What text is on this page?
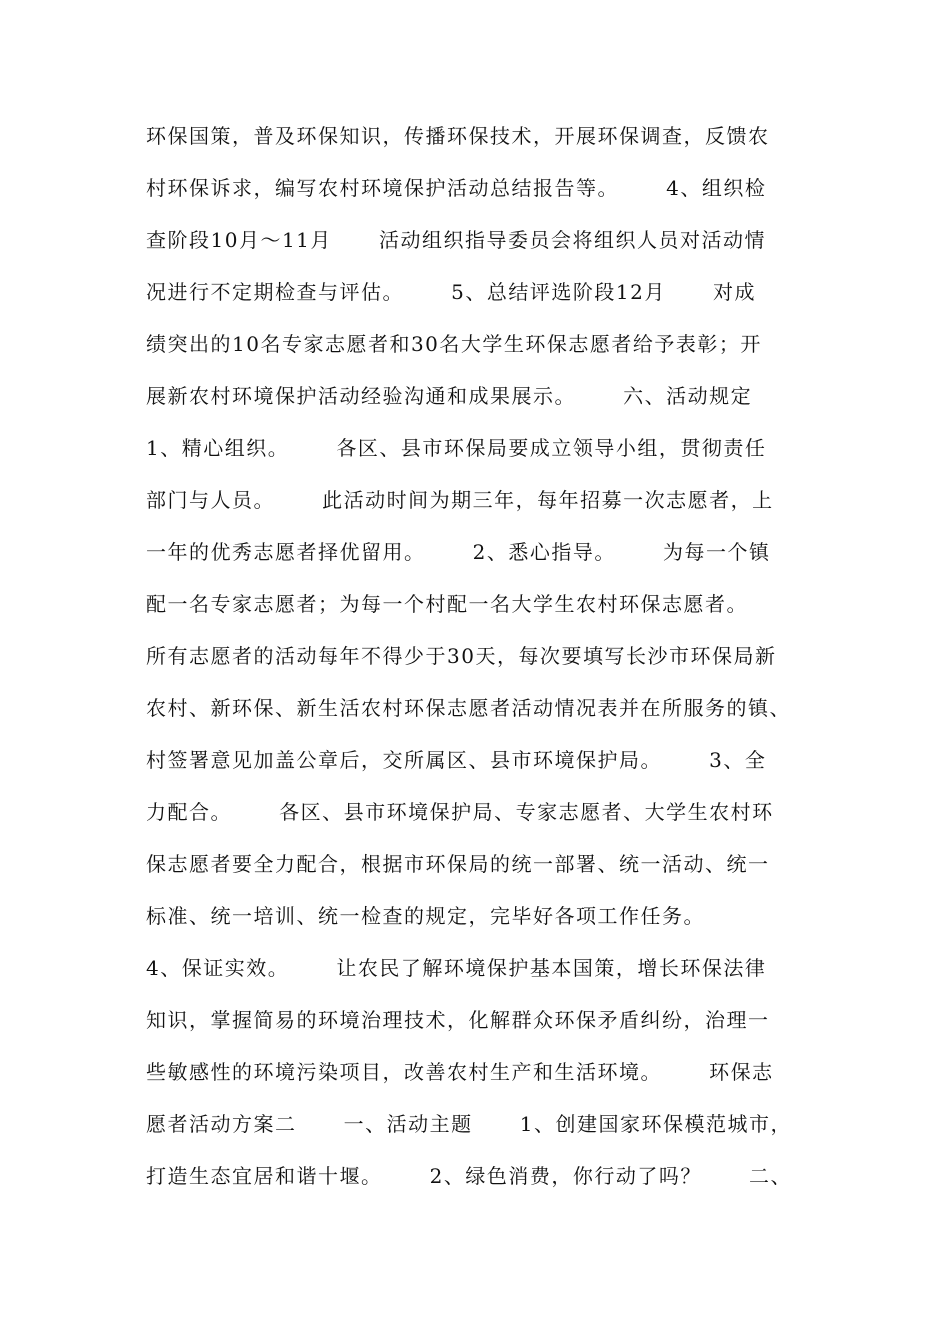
环保国策，普及环保知识，传播环保技术，开展环保调查，反馈农
村环保诉求，编写农村环境保护活动总结报告等。      4、组织检
查阶段10月～11月      活动组织指导委员会将组织人员对活动情
况进行不定期检查与评估。      5、总结评选阶段12月      对成
绩突出的10名专家志愿者和30名大学生环保志愿者给予表彰；开
展新农村环境保护活动经验沟通和成果展示。      六、活动规定
1、精心组织。      各区、县市环保局要成立领导小组，贯彻责任
部门与人员。      此活动时间为期三年，每年招募一次志愿者，上
一年的优秀志愿者择优留用。      2、悉心指导。      为每一个镇
配一名专家志愿者；为每一个村配一名大学生农村环保志愿者。
所有志愿者的活动每年不得少于30天，每次要填写长沙市环保局新
农村、新环保、新生活农村环保志愿者活动情况表并在所服务的镇、
村签署意见加盖公章后，交所属区、县市环境保护局。      3、全
力配合。      各区、县市环境保护局、专家志愿者、大学生农村环
保志愿者要全力配合，根据市环保局的统一部署、统一活动、统一
标准、统一培训、统一检查的规定，完毕好各项工作任务。
4、保证实效。      让农民了解环境保护基本国策，增长环保法律
知识，掌握简易的环境治理技术，化解群众环保矛盾纠纷，治理一
些敏感性的环境污染项目，改善农村生产和生活环境。      环保志
愿者活动方案二      一、活动主题      1、创建国家环保模范城市，
打造生态宜居和谐十堰。      2、绿色消费，你行动了吗？      二、
